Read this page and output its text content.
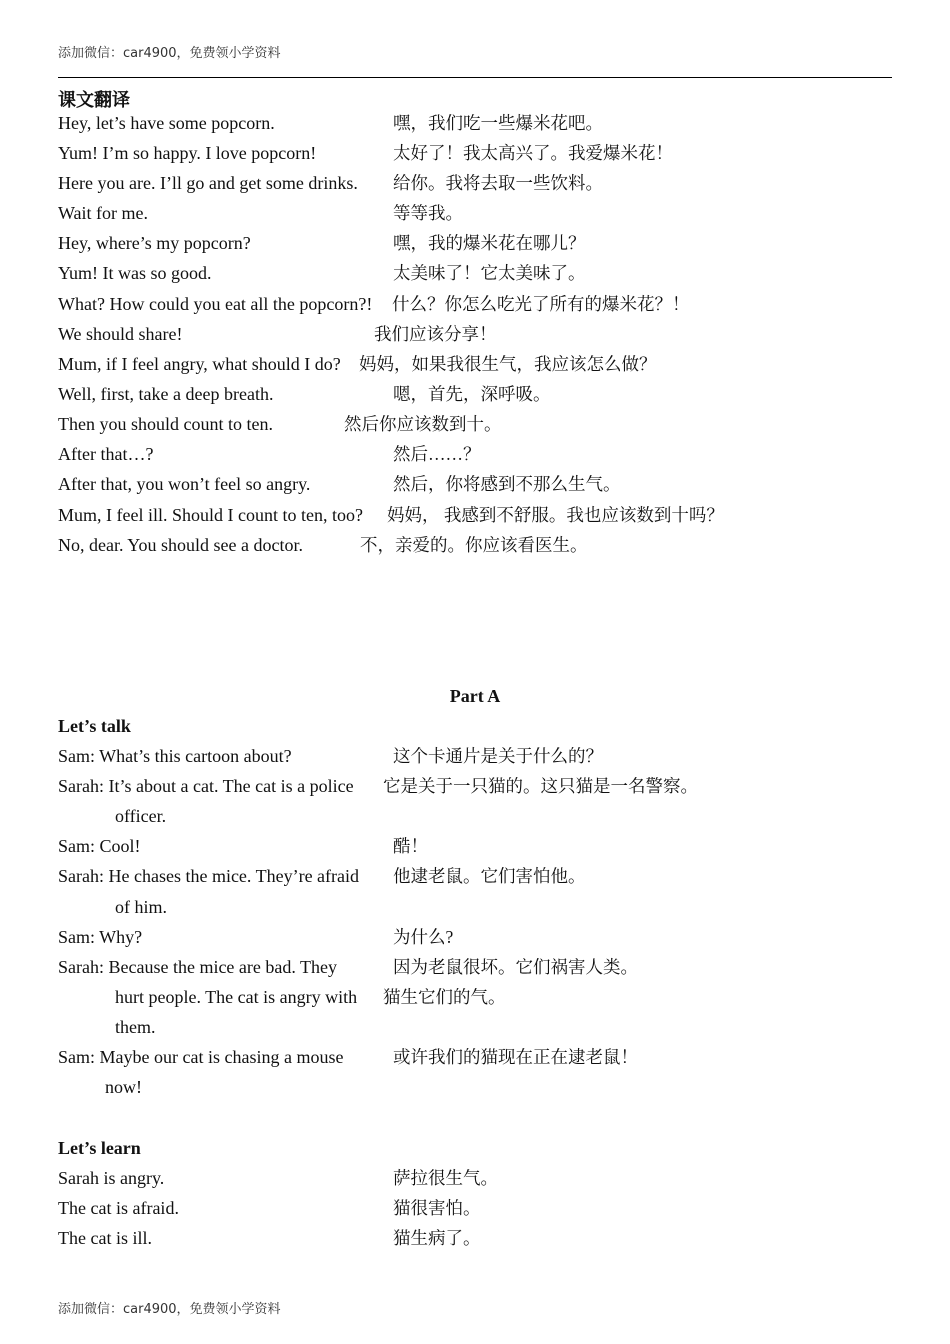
添加微信：car4900，免费领小学资料
课文翻译
Hey, let’s have some popcorn.	嘿，我们吃一些爆米花吧。
Yum! I’m so happy. I love popcorn!	太好了！我太高兴了。我爱爆米花！
Here you are. I’ll go and get some drinks. 给你。我将去取一些饮料。
Wait for me.	等等我。
Hey, where’s my popcorn?	嘿，我的爆米花在哪儿？
Yum! It was so good.	太美味了！它太美味了。
What? How could you eat all the popcorn?! 什么？你怎么吃光了所有的爆米花？！
We should share!	我们应该分享！
Mum, if I feel angry, what should I do? 妈妈，如果我很生气，我应该怎么做？
Well, first, take a deep breath.	嗯，首先，深呼吸。
Then you should count to ten.	然后你应该数到十。
After that…?	然后……？
After that, you won’t feel so angry.	然后，你将感到不那么生气。
Mum, I feel ill. Should I count to ten, too? 妈妈， 我感到不舒服。我也应该数到十吗？
No, dear. You should see a doctor.	不，亲爱的。你应该看医生。
Part A
Let’s talk
Sam: What’s this cartoon about?	这个卡通片是关于什么的？
Sarah: It’s about a cat. The cat is a police 它是关于一只猫的。这只猫是一名警察。
officer.
Sam: Cool!	酷！
Sarah: He chases the mice. They’re afraid 他逮老鼠。它们害怕他。
of him.
Sam: Why?	为什么?
Sarah: Because the mice are bad. They	因为老鼠很坏。它们祸害人类。
hurt people. The cat is angry with 猫生它们的气。
them.
Sam: Maybe our cat is chasing a mouse	或许我们的猫现在正在逮老鼠！
now!
Let’s learn
Sarah is angry.	萨拉很生气。
The cat is afraid.	猫很害怕。
The cat is ill.	猫生病了。
添加微信：car4900，免费领小学资料
